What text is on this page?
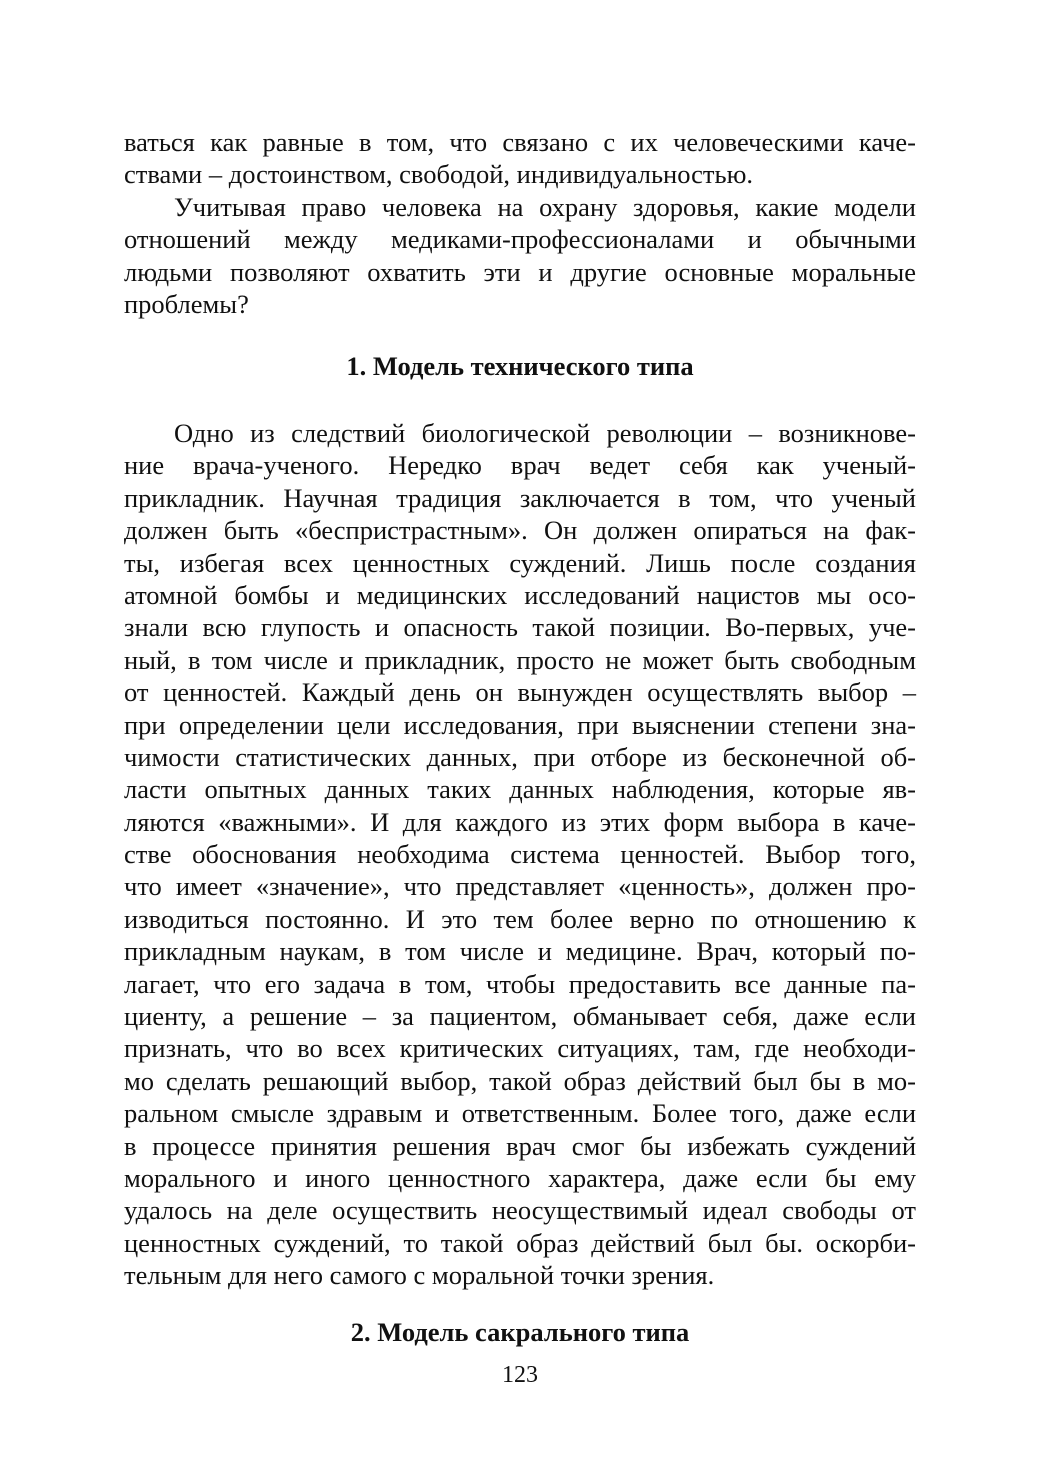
ваться как равные в том, что связано с их человеческими каче-
ствами – достоинством, свободой, индивидуальностью.
Учитывая право человека на охрану здоровья, какие модели
отношений между медиками-профессионалами и обычными
людьми позволяют охватить эти и другие основные моральные
проблемы?
1. Модель технического типа
Одно из следствий биологической революции – возникнове-
ние врача-ученого. Нередко врач ведет себя как ученый-
прикладник. Научная традиция заключается в том, что ученый
должен быть «беспристрастным». Он должен опираться на фак-
ты, избегая всех ценностных суждений. Лишь после создания
атомной бомбы и медицинских исследований нацистов мы осо-
знали всю глупость и опасность такой позиции. Во-первых, уче-
ный, в том числе и прикладник, просто не может быть свободным
от ценностей. Каждый день он вынужден осуществлять выбор –
при определении цели исследования, при выяснении степени зна-
чимости статистических данных, при отборе из бесконечной об-
ласти опытных данных таких данных наблюдения, которые яв-
ляются «важными». И для каждого из этих форм выбора в каче-
стве обоснования необходима система ценностей. Выбор того,
что имеет «значение», что представляет «ценность», должен про-
изводиться постоянно. И это тем более верно по отношению к
прикладным наукам, в том числе и медицине. Врач, который по-
лагает, что его задача в том, чтобы предоставить все данные па-
циенту, а решение – за пациентом, обманывает себя, даже если
признать, что во всех критических ситуациях, там, где необходи-
мо сделать решающий выбор, такой образ действий был бы в мо-
ральном смысле здравым и ответственным. Более того, даже если
в процессе принятия решения врач смог бы избежать суждений
морального и иного ценностного характера, даже если бы ему
удалось на деле осуществить неосуществимый идеал свободы от
ценностных суждений, то такой образ действий был бы. оскорби-
тельным для него самого с моральной точки зрения.
2. Модель сакрального типа
123
